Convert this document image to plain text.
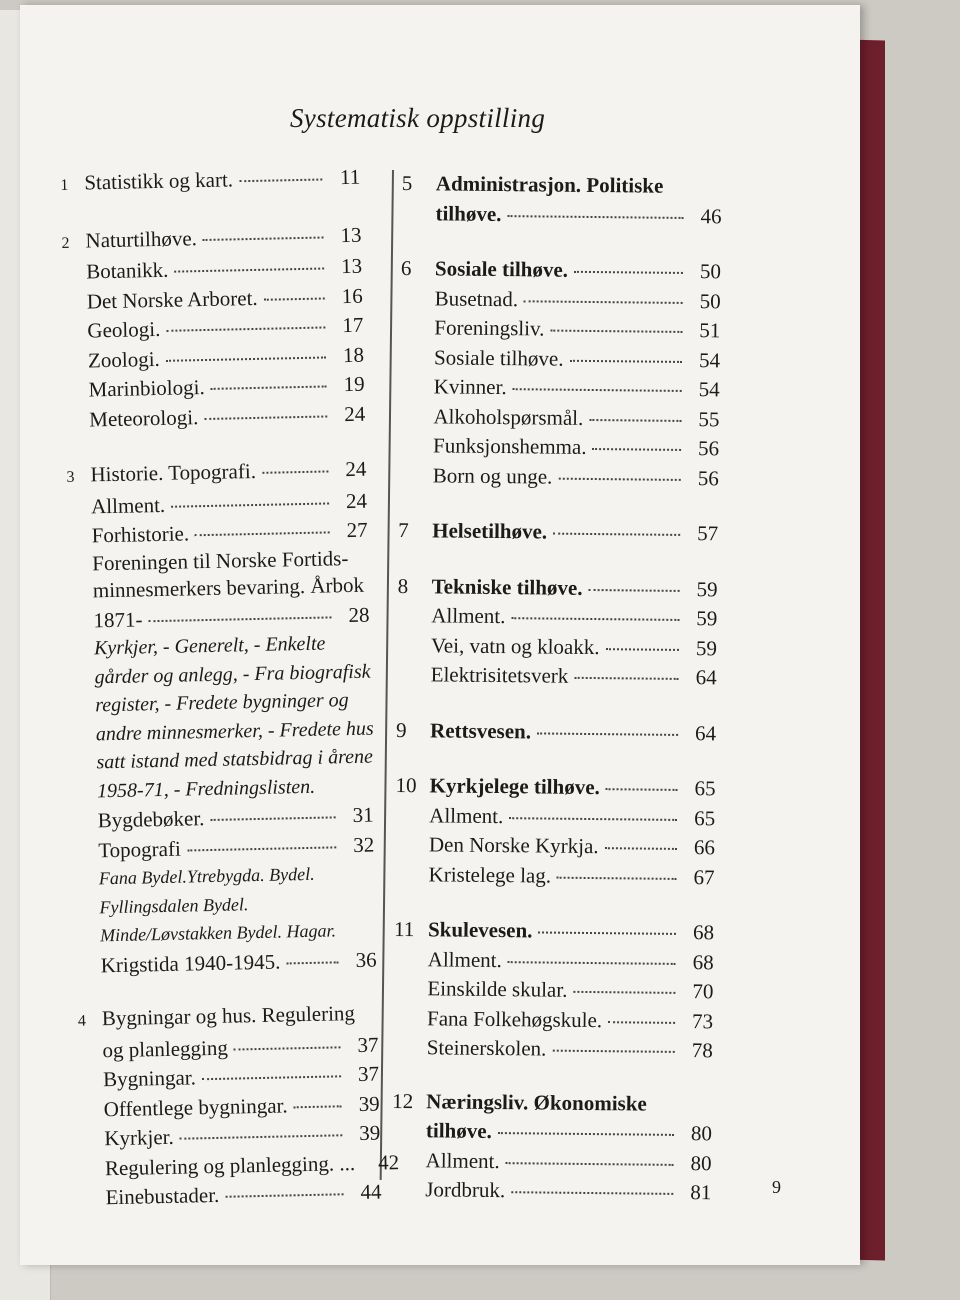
Systematisk oppstilling
9
1 Statistikk og kart.	11
2 Naturtilhøve.	13
Botanikk.	13
Det Norske Arboret.	16
Geologi.	17
Zoologi.	18
Marinbiologi.	19
Meteorologi.	24
3 Historie. Topografi.	24
Allment.	24
Forhistorie.	27
Foreningen til Norske Fortids-
minnesmerkers bevaring. Årbok
1871-	28
Kyrkjer, - Generelt, - Enkelte
gårder og anlegg, - Fra biografisk
register, - Fredete bygninger og
andre minnesmerker, - Fredete hus
satt istand med statsbidrag i årene
1958-71, - Fredningslisten.
Bygdebøker.	31
Topografi	32
Fana Bydel.Ytrebygda. Bydel.
Fyllingsdalen Bydel.
Minde/Løvstakken Bydel. Hagar.
Krigstida 1940-1945.	36
4 Bygningar og hus. Regulering
og planlegging	37
Bygningar.	37
Offentlege bygningar.	39
Kyrkjer.	39
Regulering og planlegging. ...	42
Einebustader.	44
5	Administrasjon. Politiske
tilhøve.	46
6	Sosiale tilhøve.	50
Busetnad.	50
Foreningsliv.	51
Sosiale tilhøve.	54
Kvinner.	54
Alkoholspørsmål.	55
Funksjonshemma.	56
Born og unge.	56
7	Helsetilhøve.	57
8	Tekniske tilhøve.	59
Allment.	59
Vei, vatn og kloakk.	59
Elektrisitetsverk	64
9	Rettsvesen.	64
10 Kyrkjelege tilhøve.	65
Allment.	65
Den Norske Kyrkja.	66
Kristelege lag.	67
11 Skulevesen.	68
Allment.	68
Einskilde skular.	70
Fana Folkehøgskule.	73
Steinerskolen.	78
12 Næringsliv. Økonomiske
tilhøve.	80
Allment.	80
Jordbruk.	81
